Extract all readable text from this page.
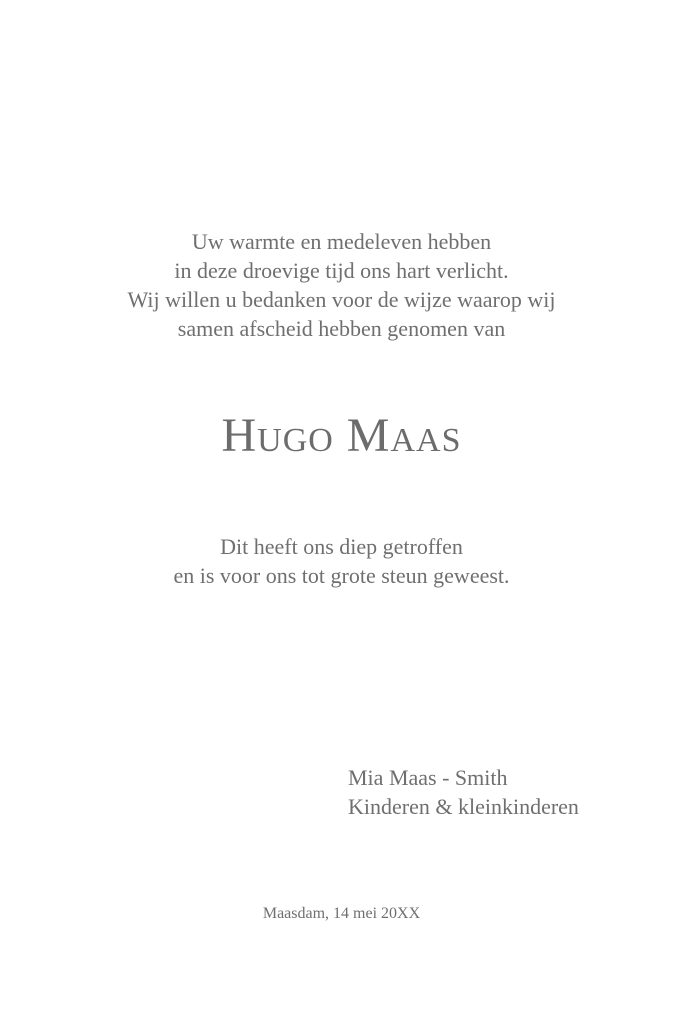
Uw warmte en medeleven hebben
in deze droevige tijd ons hart verlicht.
Wij willen u bedanken voor de wijze waarop wij
samen afscheid hebben genomen van
Hugo Maas
Dit heeft ons diep getroffen
en is voor ons tot grote steun geweest.
Mia Maas - Smith
Kinderen & kleinkinderen
Maasdam, 14 mei 20XX
